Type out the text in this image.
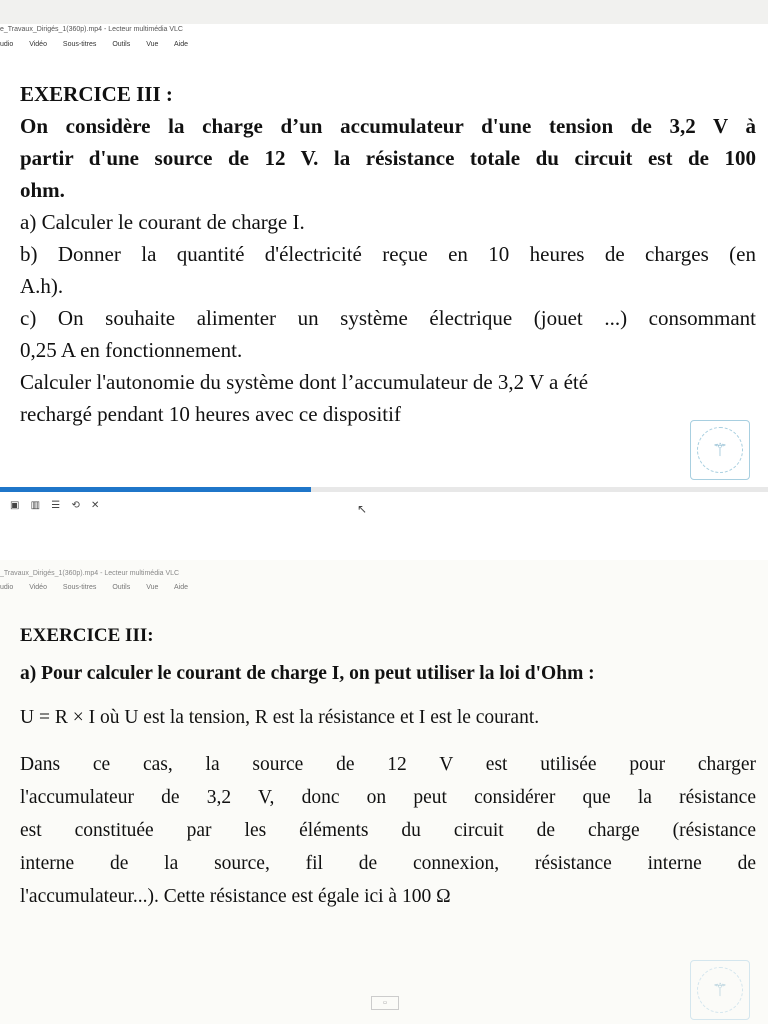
e_Travaux_Dirigés_1(360p).mp4 - Lecteur multimédia VLC
udio Vidéo Sous-titres Outils Vue Aide
EXERCICE III :
On considère la charge d’un accumulateur d'une tension de 3,2 V à
partir d'une source de 12 V. la résistance totale du circuit est de 100
ohm.
a) Calculer le courant de charge I.
b) Donner la quantité d'électricité reçue en 10 heures de charges (en
A.h).
c) On souhaite alimenter un système électrique (jouet ...) consommant
0,25 A en fonctionnement.
Calculer l'autonomie du système dont l’accumulateur de 3,2 V a été
rechargé pendant 10 heures avec ce dispositif
⚚
▣ ▥ ☰ ⟲ ✕	↖
_Travaux_Dirigés_1(360p).mp4 - Lecteur multimédia VLC
udio Vidéo Sous-titres Outils Vue Aide
EXERCICE III:
a) Pour calculer le courant de charge I, on peut utiliser la loi d'Ohm :
U = R × I où U est la tension, R est la résistance et I est le courant.
Dans ce cas, la source de 12 V est utilisée pour charger
l'accumulateur de 3,2 V, donc on peut considérer que la résistance
est constituée par les éléments du circuit de charge (résistance
interne de la source, fil de connexion, résistance interne de
l'accumulateur...). Cette résistance est égale ici à 100 Ω
⚚
▭
